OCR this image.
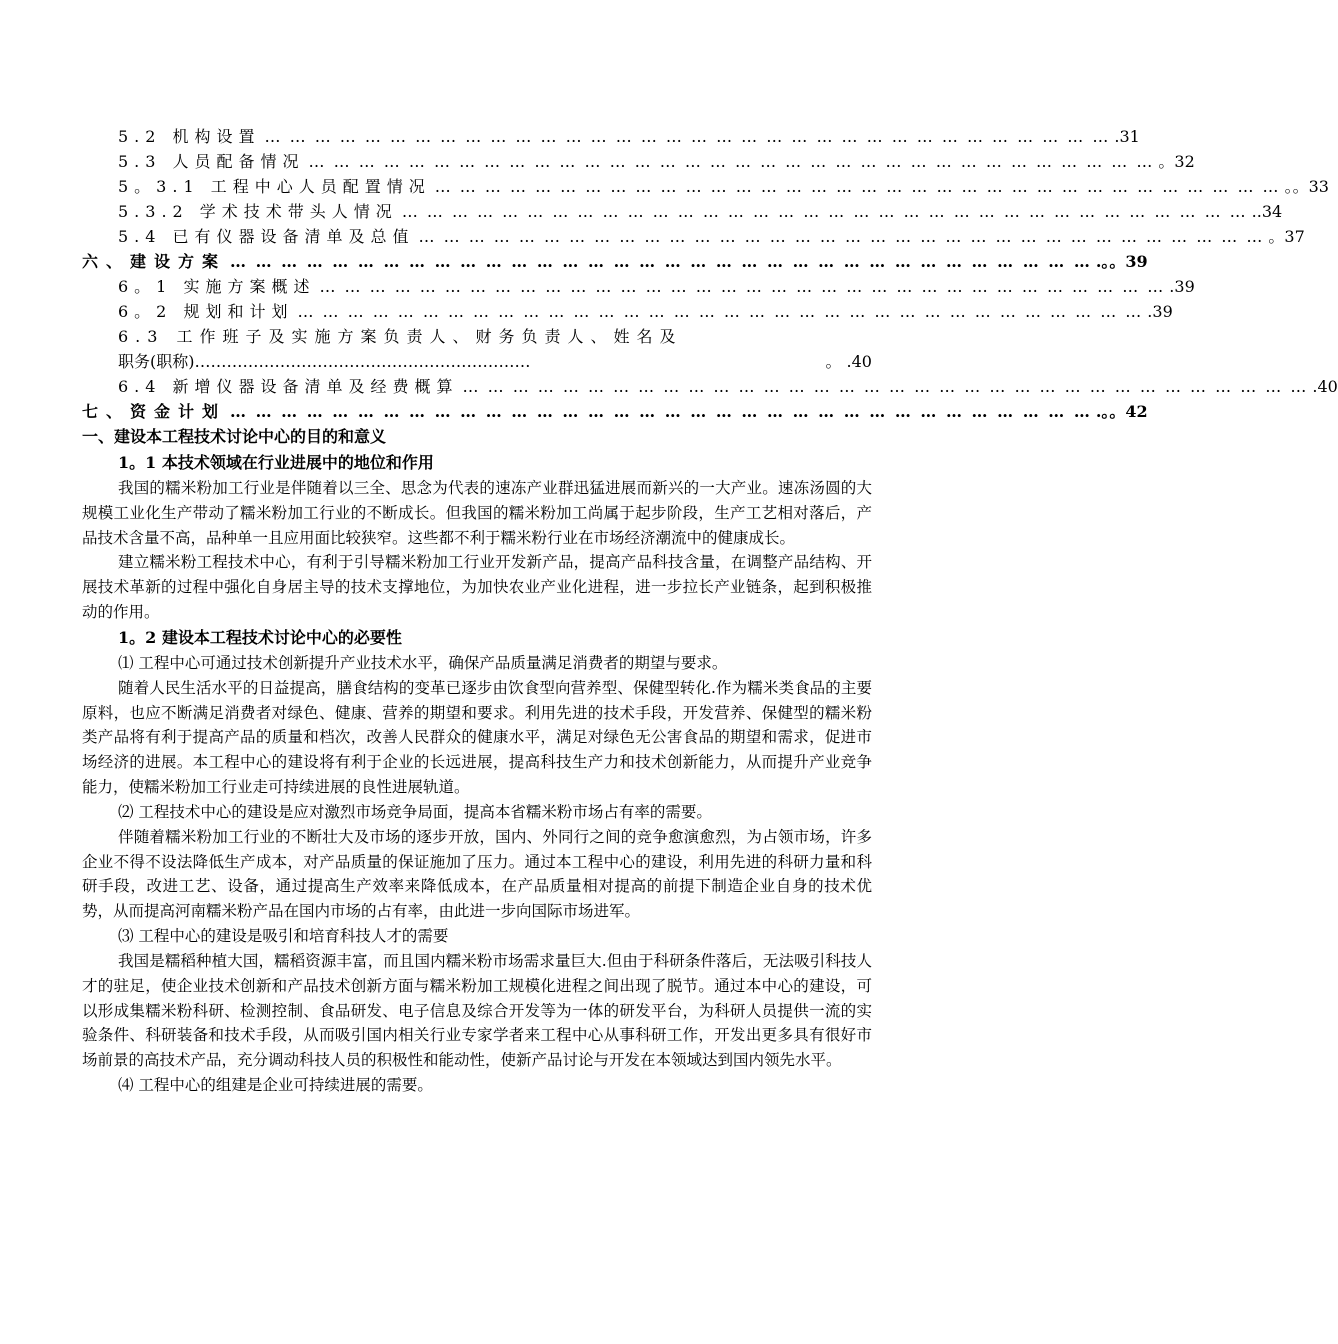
5.2 机构设置 … … … … … … … … … … … … … … … … … … … … … … … … … … … … … … … … … … .31
5.3 人员配备情况 … … … … … … … … … … … … … … … … … … … … … … … … … … … … … … … … … … 。32
5。3.1 工程中心人员配置情况 … … … … … … … … … … … … … … … … … … … … … … … … … … … … … … … … … … 。。33
5.3.2 学术技术带头人情况 … … … … … … … … … … … … … … … … … … … … … … … … … … … … … … … … … … ..34
5.4 已有仪器设备清单及总值 … … … … … … … … … … … … … … … … … … … … … … … … … … … … … … … … … … 。37
六、建设方案 … … … … … … … … … … … … … … … … … … … … … … … … … … … … … … … … … … .。。39
6。1 实施方案概述 … … … … … … … … … … … … … … … … … … … … … … … … … … … … … … … … … … .39
6。2 规划和计划 … … … … … … … … … … … … … … … … … … … … … … … … … … … … … … … … … … .39
6.3 工作班子及实施方案负责人、财务负责人、姓名及
职务(职称)………………………………………………………	。 .40
6.4 新增仪器设备清单及经费概算 … … … … … … … … … … … … … … … … … … … … … … … … … … … … … … … … … … .40
七、资金计划 … … … … … … … … … … … … … … … … … … … … … … … … … … … … … … … … … … .。。42
一、建设本工程技术讨论中心的目的和意义
1。1 本技术领域在行业进展中的地位和作用

我国的糯米粉加工行业是伴随着以三全、思念为代表的速冻产业群迅猛进展而新兴的一大产业。速冻汤圆的大规模工业化生产带动了糯米粉加工行业的不断成长。但我国的糯米粉加工尚属于起步阶段，生产工艺相对落后，产品技术含量不高，品种单一且应用面比较狭窄。这些都不利于糯米粉行业在市场经济潮流中的健康成长。

建立糯米粉工程技术中心，有利于引导糯米粉加工行业开发新产品，提高产品科技含量，在调整产品结构、开展技术革新的过程中强化自身居主导的技术支撑地位，为加快农业产业化进程，进一步拉长产业链条，起到积极推动的作用。

1。2 建设本工程技术讨论中心的必要性
⑴ 工程中心可通过技术创新提升产业技术水平，确保产品质量满足消费者的期望与要求。

随着人民生活水平的日益提高，膳食结构的变革已逐步由饮食型向营养型、保健型转化.作为糯米类食品的主要原料，也应不断满足消费者对绿色、健康、营养的期望和要求。利用先进的技术手段，开发营养、保健型的糯米粉类产品将有利于提高产品的质量和档次，改善人民群众的健康水平，满足对绿色无公害食品的期望和需求，促进市场经济的进展。本工程中心的建设将有利于企业的长远进展，提高科技生产力和技术创新能力，从而提升产业竞争能力，使糯米粉加工行业走可持续进展的良性进展轨道。

⑵ 工程技术中心的建设是应对激烈市场竞争局面，提高本省糯米粉市场占有率的需要。

伴随着糯米粉加工行业的不断壮大及市场的逐步开放，国内、外同行之间的竞争愈演愈烈，为占领市场，许多企业不得不设法降低生产成本，对产品质量的保证施加了压力。通过本工程中心的建设，利用先进的科研力量和科研手段，改进工艺、设备，通过提高生产效率来降低成本，在产品质量相对提高的前提下制造企业自身的技术优势，从而提高河南糯米粉产品在国内市场的占有率，由此进一步向国际市场进军。

⑶ 工程中心的建设是吸引和培育科技人才的需要

我国是糯稻种植大国，糯稻资源丰富，而且国内糯米粉市场需求量巨大.但由于科研条件落后，无法吸引科技人才的驻足，使企业技术创新和产品技术创新方面与糯米粉加工规模化进程之间出现了脱节。通过本中心的建设，可以形成集糯米粉科研、检测控制、食品研发、电子信息及综合开发等为一体的研发平台，为科研人员提供一流的实验条件、科研装备和技术手段，从而吸引国内相关行业专家学者来工程中心从事科研工作，开发出更多具有很好市场前景的高技术产品，充分调动科技人员的积极性和能动性，使新产品讨论与开发在本领域达到国内领先水平。

⑷ 工程中心的组建是企业可持续进展的需要。
